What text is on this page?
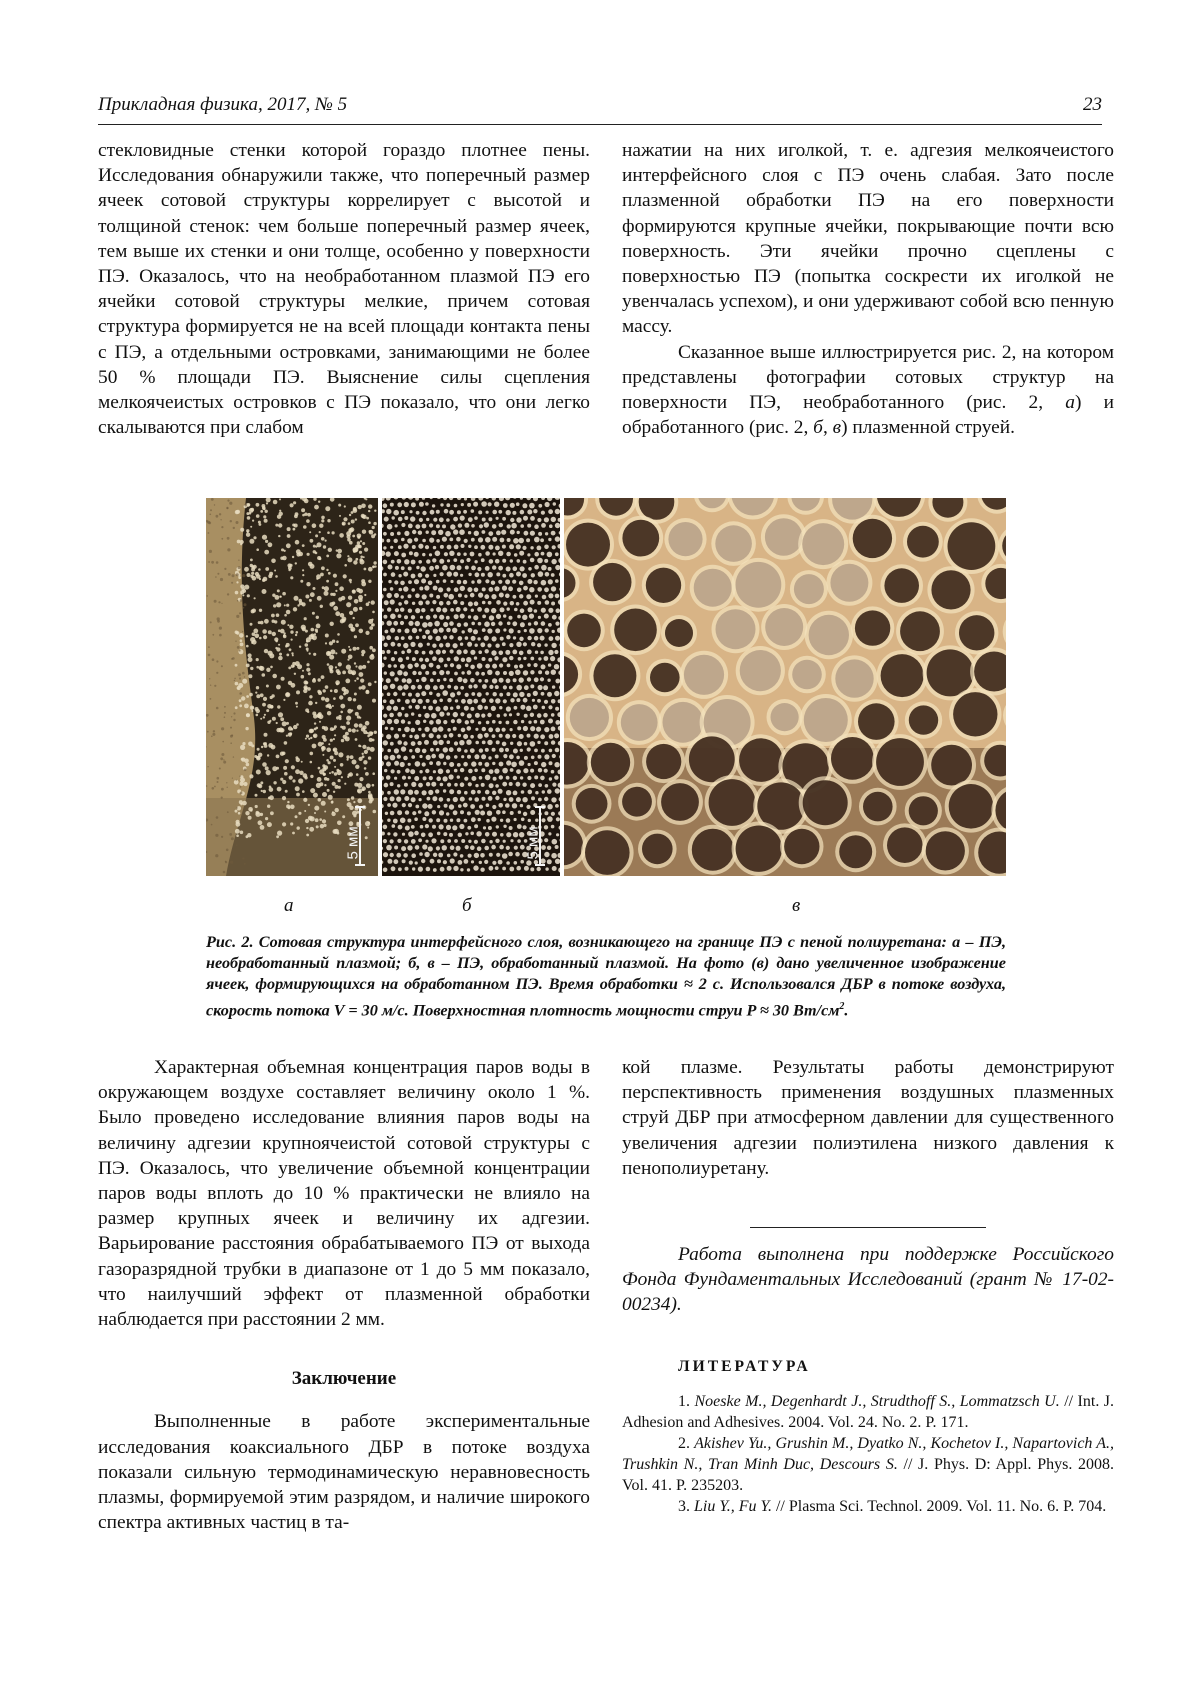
Прикладная физика, 2017, № 5	23

стекловидные стенки которой гораздо плотнее пены. Исследования обнаружили также, что поперечный размер ячеек сотовой структуры коррелирует с высотой и толщиной стенок: чем больше поперечный размер ячеек, тем выше их стенки и они толще, особенно у поверхности ПЭ. Оказалось, что на необработанном плазмой ПЭ его ячейки сотовой структуры мелкие, причем сотовая структура формируется не на всей площади контакта пены с ПЭ, а отдельными островками, занимающими не более 50 % площади ПЭ. Выяснение силы сцепления мелкоячеистых островков с ПЭ показало, что они легко скалываются при слабом

нажатии на них иголкой, т. е. адгезия мелкоячеистого интерфейсного слоя с ПЭ очень слабая. Зато после плазменной обработки ПЭ на его поверхности формируются крупные ячейки, покрывающие почти всю поверхность. Эти ячейки прочно сцеплены с поверхностью ПЭ (попытка соскрести их иголкой не увенчалась успехом), и они удерживают собой всю пенную массу.

Сказанное выше иллюстрируется рис. 2, на котором представлены фотографии сотовых структур на поверхности ПЭ, необработанного (рис. 2, а) и обработанного (рис. 2, б, в) плазменной струей.

5 мм	5 мм
а	б	в
Рис. 2. Сотовая структура интерфейсного слоя, возникающего на границе ПЭ с пеной полиуретана: а – ПЭ, необработанный плазмой; б, в – ПЭ, обработанный плазмой. На фото (в) дано увеличенное изображение ячеек, формирующихся на обработанном ПЭ. Время обработки ≈ 2 с. Использовался ДБР в потоке воздуха, скорость потока V = 30 м/с. Поверхностная плотность мощности струи P ≈ 30 $Вт/см^2$.

Характерная объемная концентрация паров воды в окружающем воздухе составляет величину около 1 %. Было проведено исследование влияния паров воды на величину адгезии крупноячеистой сотовой структуры с ПЭ. Оказалось, что увеличение объемной концентрации паров воды вплоть до 10 % практически не влияло на размер крупных ячеек и величину их адгезии. Варьирование расстояния обрабатываемого ПЭ от выхода газоразрядной трубки в диапазоне от 1 до 5 мм показало, что наилучший эффект от плазменной обработки наблюдается при расстоянии 2 мм.

Заключение

Выполненные в работе экспериментальные исследования коаксиального ДБР в потоке воздуха показали сильную термодинамическую неравновесность плазмы, формируемой этим разрядом, и наличие широкого спектра активных частиц в та-

кой плазме. Результаты работы демонстрируют перспективность применения воздушных плазменных струй ДБР при атмосферном давлении для существенного увеличения адгезии полиэтилена низкого давления к пенополиуретану.

Работа выполнена при поддержке Российского Фонда Фундаментальных Исследований (грант № 17-02-00234).

ЛИТЕРАТУРА

1. Noeske M., Degenhardt J., Strudthoff S., Lommatzsch U. // Int. J. Adhesion and Adhesives. 2004. Vol. 24. No. 2. P. 171.

2. Akishev Yu., Grushin M., Dyatko N., Kochetov I., Napartovich A., Trushkin N., Tran Minh Duc, Descours S. // J. Phys. D: Appl. Phys. 2008. Vol. 41. P. 235203.

3. Liu Y., Fu Y. // Plasma Sci. Technol. 2009. Vol. 11. No. 6. P. 704.
